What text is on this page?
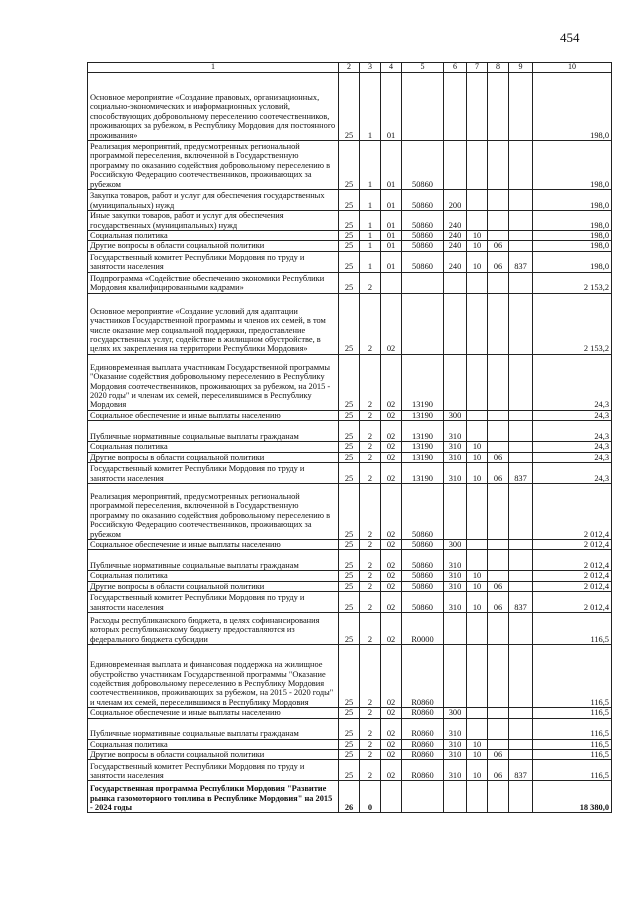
454
1	2	3	4	5	6	7	8	9	10
Основное мероприятие «Создание правовых, организационных, социально-экономических и информационных условий, способствующих добровольному переселению соотечественников, проживающих за рубежом, в Республику Мордовия для постоянного проживания»	25	1	01						198,0
Реализация мероприятий, предусмотренных региональной программой переселения, включенной в Государственную программу по оказанию содействия добровольному переселению в Российскую Федерацию соотечественников, проживающих за рубежом	25	1	01	50860					198,0
Закупка товаров, работ и услуг для обеспечения государственных (муниципальных) нужд	25	1	01	50860	200				198,0
Иные закупки товаров, работ и услуг для обеспечения государственных (муниципальных) нужд	25	1	01	50860	240				198,0
Социальная политика	25	1	01	50860	240	10			198,0
Другие вопросы в области социальной политики	25	1	01	50860	240	10	06		198,0
Государственный комитет Республики Мордовия по труду и занятости населения	25	1	01	50860	240	10	06	837	198,0
Подпрограмма «Содействие обеспечению экономики Республики Мордовия квалифицированными кадрами»	25	2							2 153,2
Основное мероприятие «Создание условий для адаптации участников Государственной программы и членов их семей, в том числе оказание мер социальной поддержки, предоставление государственных услуг, содействие в жилищном обустройстве, в целях их закрепления на территории Республики Мордовия»	25	2	02						2 153,2
Единовременная выплата участникам Государственной программы "Оказание содействия добровольному переселению в Республику Мордовия соотечественников, проживающих за рубежом, на 2015 - 2020 годы" и членам их семей, переселившимся в Республику Мордовия	25	2	02	13190					24,3
Социальное обеспечение и иные выплаты населению	25	2	02	13190	300				24,3
Публичные нормативные социальные выплаты гражданам	25	2	02	13190	310				24,3
Социальная политика	25	2	02	13190	310	10			24,3
Другие вопросы в области социальной политики	25	2	02	13190	310	10	06		24,3
Государственный комитет Республики Мордовия по труду и занятости населения	25	2	02	13190	310	10	06	837	24,3
Реализация мероприятий, предусмотренных региональной программой переселения, включенной в Государственную программу по оказанию содействия добровольному переселению в Российскую Федерацию соотечественников, проживающих за рубежом	25	2	02	50860					2 012,4
Социальное обеспечение и иные выплаты населению	25	2	02	50860	300				2 012,4
Публичные нормативные социальные выплаты гражданам	25	2	02	50860	310				2 012,4
Социальная политика	25	2	02	50860	310	10			2 012,4
Другие вопросы в области социальной политики	25	2	02	50860	310	10	06		2 012,4
Государственный комитет Республики Мордовия по труду и занятости населения	25	2	02	50860	310	10	06	837	2 012,4
Расходы республиканского бюджета, в целях софинансирования которых республиканскому бюджету предоставляются из федерального бюджета субсидии	25	2	02	R0000					116,5
Единовременная выплата и финансовая поддержка на жилищное обустройство участникам Государственной программы "Оказание содействия добровольному переселению в Республику Мордовия соотечественников, проживающих за рубежом, на 2015 - 2020 годы" и членам их семей, переселившимся в Республику Мордовия	25	2	02	R0860					116,5
Социальное обеспечение и иные выплаты населению	25	2	02	R0860	300				116,5
Публичные нормативные социальные выплаты гражданам	25	2	02	R0860	310				116,5
Социальная политика	25	2	02	R0860	310	10			116,5
Другие вопросы в области социальной политики	25	2	02	R0860	310	10	06		116,5
Государственный комитет Республики Мордовия по труду и занятости населения	25	2	02	R0860	310	10	06	837	116,5
Государственная программа Республики Мордовия "Развитие рынка газомоторного топлива в Республике Мордовия" на 2015 - 2024 годы	26	0							18 380,0
